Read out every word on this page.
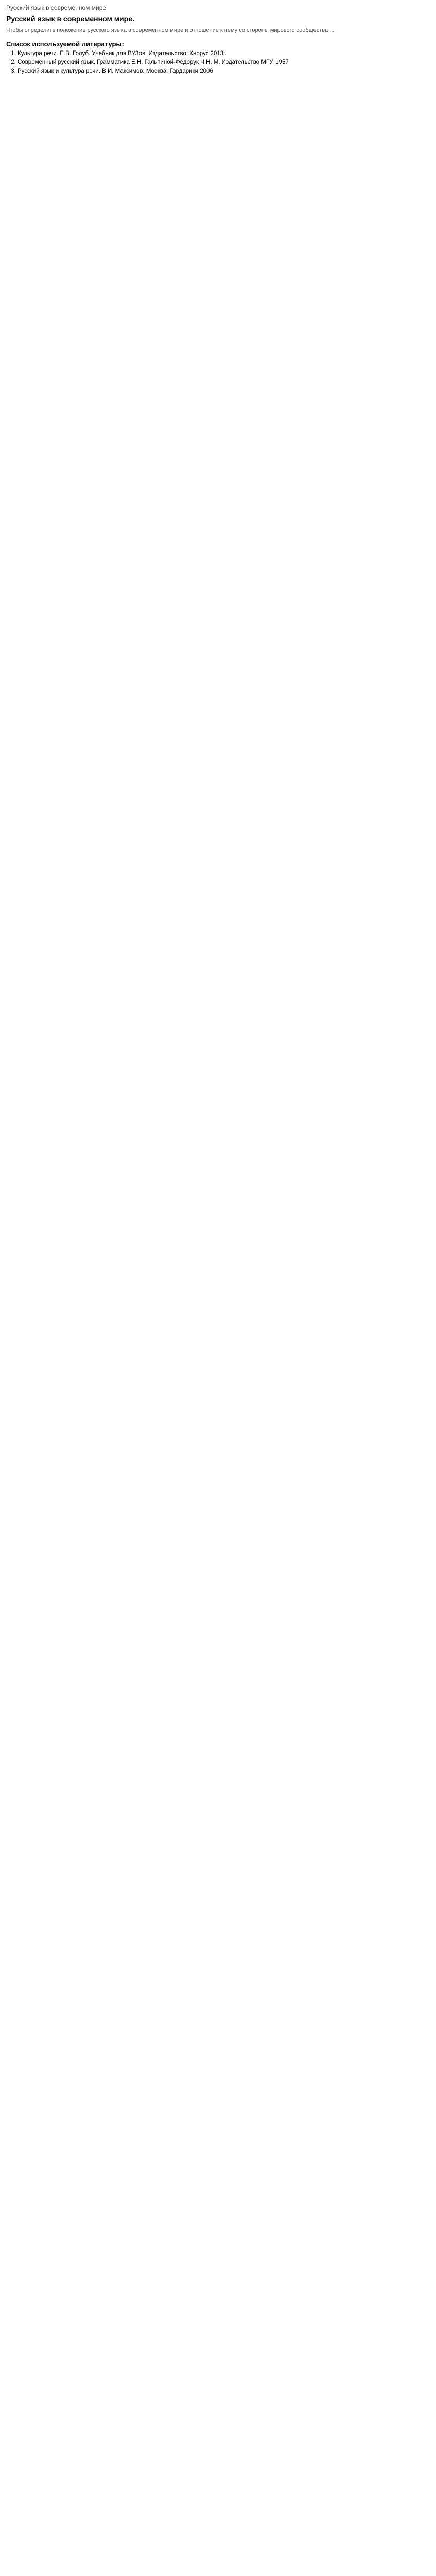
Русский язык в современном мире
Русский язык в современном мире.

Чтобы определить положение русского языка в современном мире и отношение к нему со стороны мирового сообщества ...

Список используемой литературы:

1. Культура речи. Е.В. Голуб. Учебник для ВУЗов. Издательство: Кнорус 2013г.
2. Современный русский язык. Грамматика Е.Н. Гальпиной-Федорук Ч.Н. М. Издательство МГУ, 1957
3. Русский язык и культура речи. В.И. Максимов. Москва, Гардарики 2006
